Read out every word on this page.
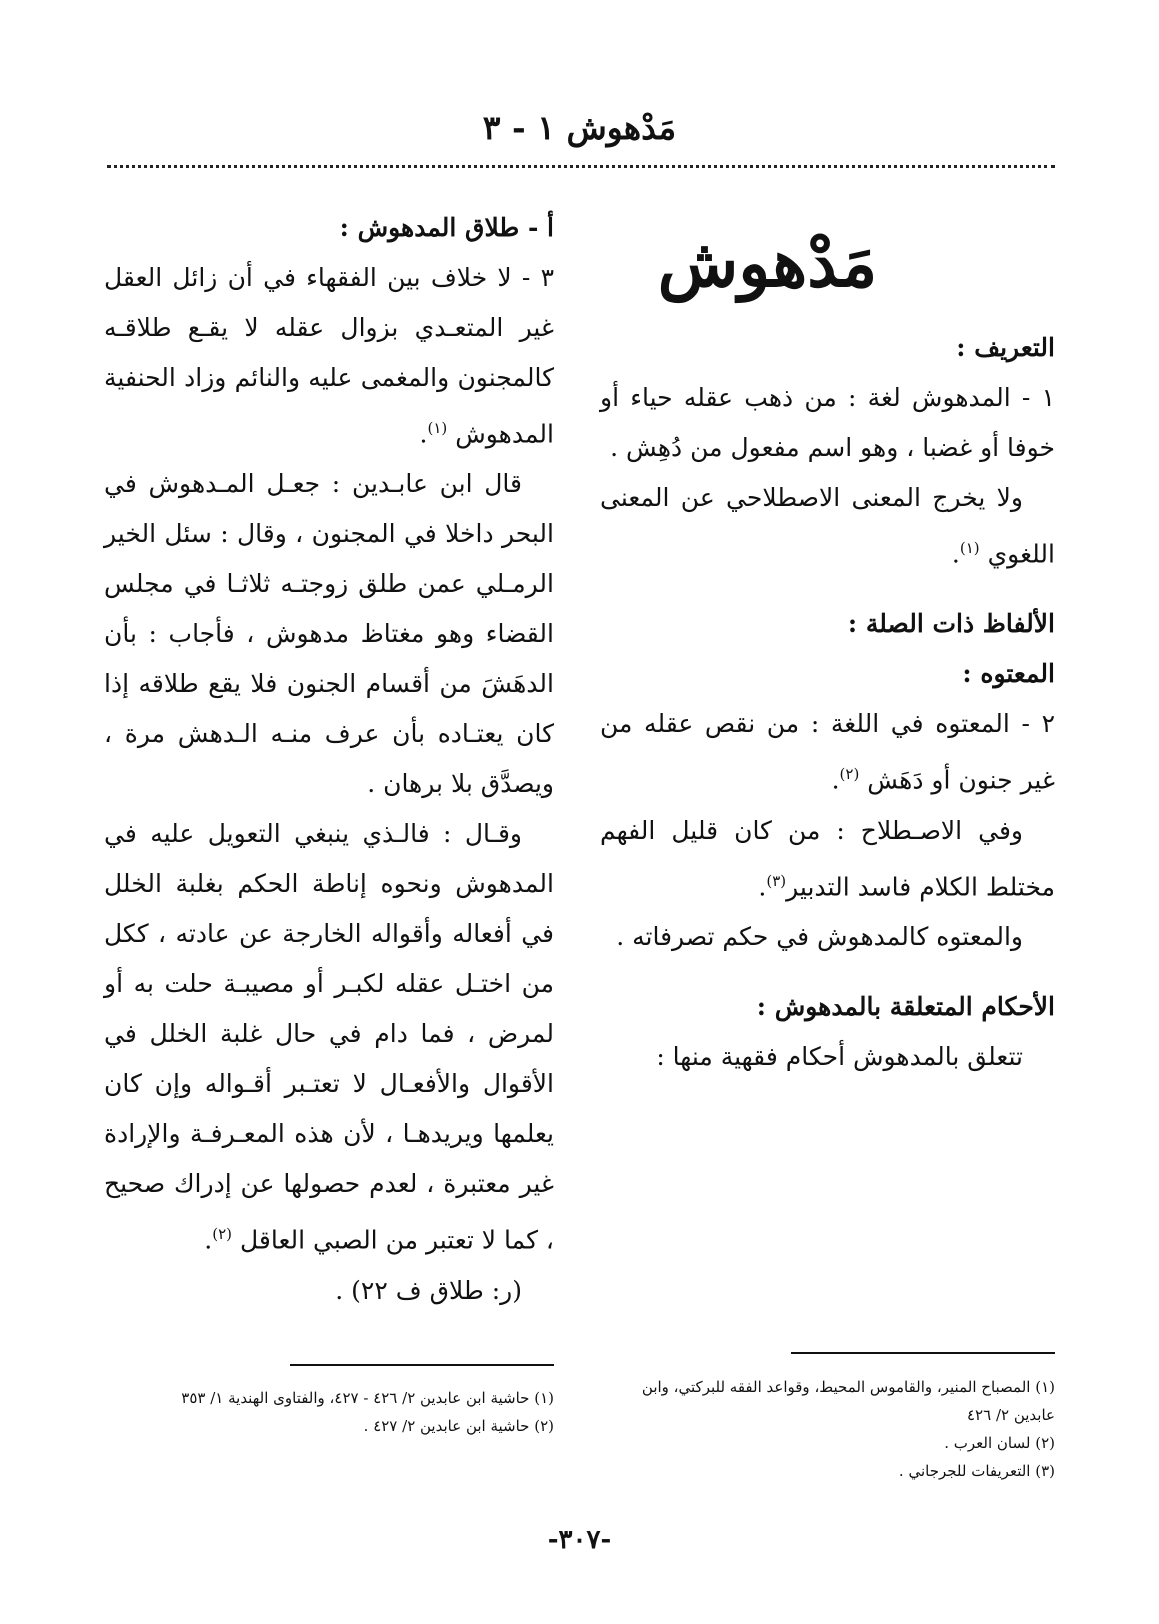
مَدْهوش ١ - ٣

مَدْهوش

التعريف :

١ - المدهوش لغة : من ذهب عقله حياء أو خوفا أو غضبا ، وهو اسم مفعول من دُهِش .

ولا يخرج المعنى الاصطلاحي عن المعنى اللغوي $^{(١)}$.

الألفاظ ذات الصلة :

المعتوه :

٢ - المعتوه في اللغة : من نقص عقله من غير جنون أو دَهَش $^{(٢)}$.

وفي الاصـطلاح : من كان قليل الفهم مختلط الكلام فاسد التدبير$^{(٣)}$.

والمعتوه كالمدهوش في حكم تصرفاته .

الأحكام المتعلقة بالمدهوش :

تتعلق بالمدهوش أحكام فقهية منها :

أ - طلاق المدهوش :

٣ - لا خلاف بين الفقهاء في أن زائل العقل غير المتعـدي بزوال عقله لا يقـع طلاقـه كالمجنون والمغمى عليه والنائم وزاد الحنفية المدهوش $^{(١)}$.

قال ابن عابـدين : جعـل المـدهوش في البحر داخلا في المجنون ، وقال : سئل الخير الرمـلي عمن طلق زوجتـه ثلاثـا في مجلس القضاء وهو مغتاظ مدهوش ، فأجاب : بأن الدهَشَ من أقسام الجنون فلا يقع طلاقه إذا كان يعتـاده بأن عرف منـه الـدهش مرة ، ويصدَّق بلا برهان .

وقـال : فالـذي ينبغي التعويل عليه في المدهوش ونحوه إناطة الحكم بغلبة الخلل في أفعاله وأقواله الخارجة عن عادته ، ككل من اختـل عقله لكبـر أو مصيبـة حلت به أو لمرض ، فما دام في حال غلبة الخلل في الأقوال والأفعـال لا تعتـبر أقـواله وإن كان يعلمها ويريدهـا ، لأن هذه المعـرفـة والإرادة غير معتبرة ، لعدم حصولها عن إدراك صحيح ، كما لا تعتبر من الصبي العاقل $^{(٢)}$.

(ر: طلاق ف ٢٢) .

(١) المصباح المنير، والقاموس المحيط، وقواعد الفقه للبركتي، وابن عابدين ٢/ ٤٢٦
(٢) لسان العرب .
(٣) التعريفات للجرجاني .
(١) حاشية ابن عابدين ٢/ ٤٢٦ - ٤٢٧، والفتاوى الهندية ١/ ٣٥٣
(٢) حاشية ابن عابدين ٢/ ٤٢٧ .
-٣٠٧-
